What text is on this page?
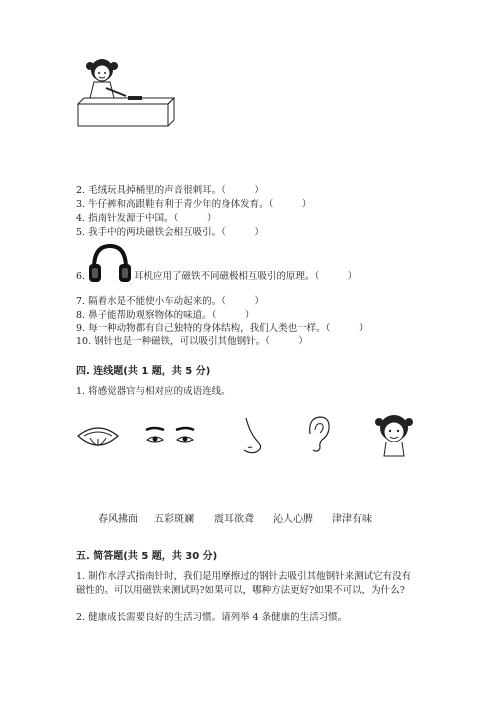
2. 毛绒玩具掉桶里的声音很刺耳。（　　　）
3. 牛仔裤和高跟鞋有利于青少年的身体发育。（　　　）
4. 指南针发源于中国。（　　　）
5. 我手中的两块磁铁会相互吸引。（　　　）
6.	耳机应用了磁铁不同磁极相互吸引的原理。（　　　）
7. 隔着水是不能使小车动起来的。（　　　）
8. 鼻子能帮助观察物体的味道。（　　　）
9. 每一种动物都有自己独特的身体结构，我们人类也一样。（　　　）
10. 钢针也是一种磁铁，可以吸引其他钢针。（　　　）
四. 连线题(共 1 题，共 5 分)
1. 将感觉器官与相对应的成语连线。
春风拂面 五彩斑斓 震耳欲聋 沁人心脾 津津有味
五. 简答题(共 5 题，共 30 分)
1. 制作水浮式指南针时，我们是用摩擦过的钢针去吸引其他钢针来测试它有没有磁性的。可以用磁铁来测试吗?如果可以，哪种方法更好?如果不可以，为什么?
2. 健康成长需要良好的生活习惯。请列举 4 条健康的生活习惯。
